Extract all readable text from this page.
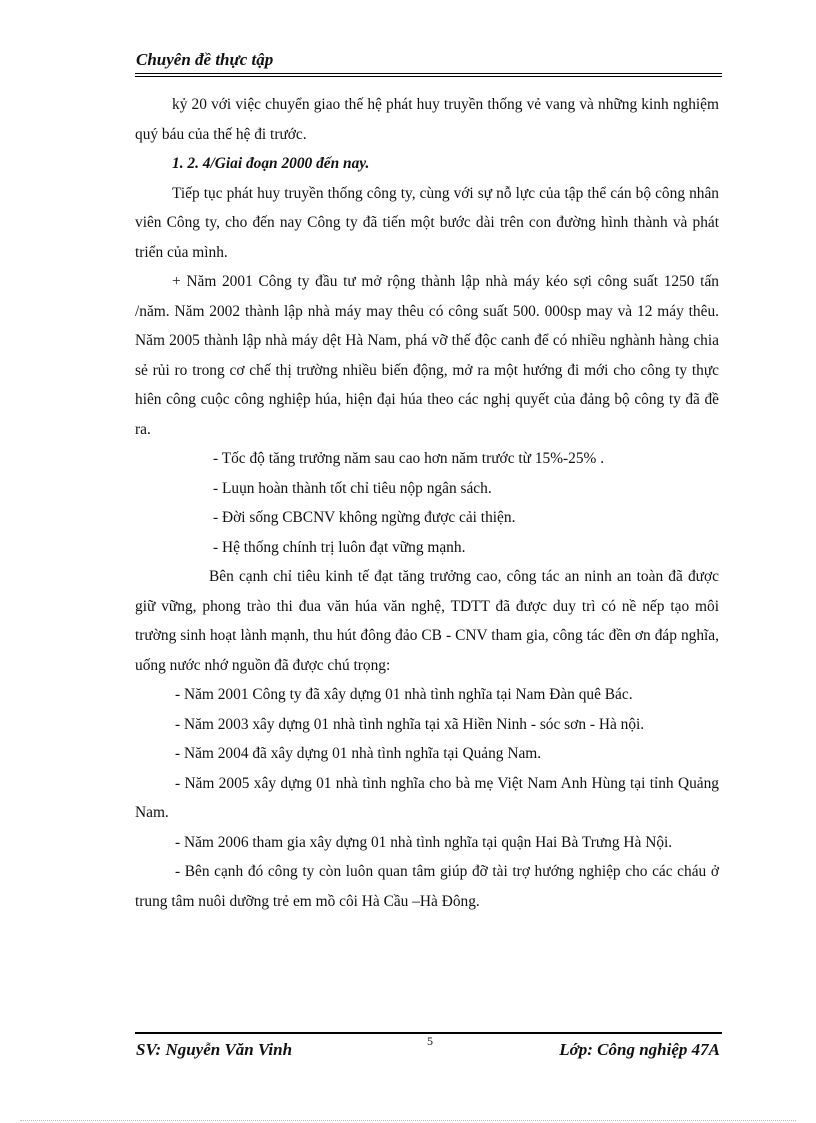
Chuyên đề thực tập

kỷ 20 với việc chuyển giao thế hệ phát huy truyền thống vẻ vang và những kinh nghiệm quý báu của thế hệ đi trước.

1. 2. 4/Giai đoạn 2000 đến nay.

Tiếp tục phát huy truyền thống công ty, cùng với sự nỗ lực của tập thể cán bộ công nhân viên Công ty, cho đến nay Công ty đã tiến một bước dài trên con đường hình thành và phát triển của mình.

+ Năm 2001 Công ty đầu tư mở rộng thành lập nhà máy kéo sợi công suất 1250 tấn /năm. Năm 2002 thành lập nhà máy may thêu có công suất 500. 000sp may và 12 máy thêu. Năm 2005 thành lập nhà máy dệt Hà Nam, phá vỡ thế độc canh để có nhiều nghành hàng chia sẻ rủi ro trong cơ chế thị trường nhiều biến động, mở ra một hướng đi mới cho công ty thực hiên công cuộc công nghiệp húa, hiện đại húa theo các nghị quyết của đảng bộ công ty đã đề ra.

- Tốc độ tăng trưởng năm sau cao hơn năm trước từ 15%-25% .

- Luụn hoàn thành tốt chỉ tiêu nộp ngân sách.

- Đời sống CBCNV không ngừng được cải thiện.

- Hệ thống chính trị luôn đạt vững mạnh.

Bên cạnh chỉ tiêu kinh tế đạt tăng trưởng cao, công tác an ninh an toàn đã được giữ vững, phong trào thi đua văn húa văn nghệ, TDTT đã được duy trì có nề nếp tạo môi trường sinh hoạt lành mạnh, thu hút đông đảo CB - CNV tham gia, công tác đền ơn đáp nghĩa, uống nước nhớ nguồn đã được chú trọng:

- Năm 2001 Công ty đã xây dựng 01 nhà tình nghĩa tại Nam Đàn quê Bác.

- Năm 2003 xây dựng 01 nhà tình nghĩa tại xã Hiền Ninh - sóc sơn - Hà nội.

- Năm 2004 đã xây dựng 01 nhà tình nghĩa tại Quảng Nam.

- Năm 2005 xây dựng 01 nhà tình nghĩa cho bà mẹ Việt Nam Anh Hùng tại tỉnh Quảng Nam.

- Năm 2006 tham gia xây dựng 01 nhà tình nghĩa tại quận Hai Bà Trưng Hà Nội.

- Bên cạnh đó công ty còn luôn quan tâm giúp đỡ tài trợ hướng nghiệp cho các cháu ở trung tâm nuôi dưỡng trẻ em mồ côi Hà Cầu –Hà Đông.

SV: Nguyễn Văn Vinh	5	Lớp: Công nghiệp 47A
